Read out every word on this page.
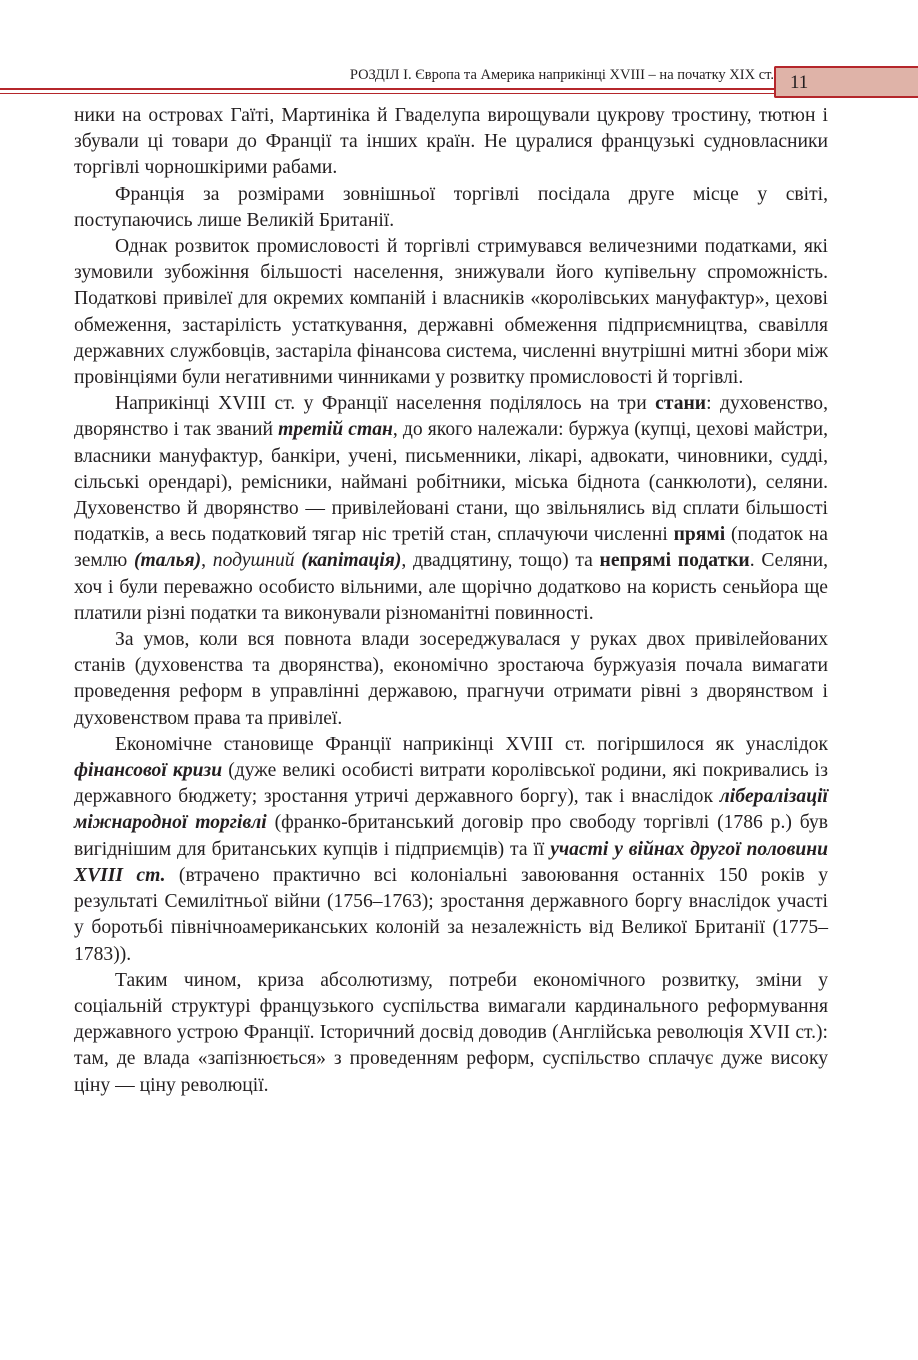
РОЗДІЛ І. Європа та Америка наприкінці XVIII – на початку XIX ст. 11

ники на островах Гаїті, Мартиніка й Гваделупа вирощували цукрову тростину, тютюн і збували ці товари до Франції та інших країн. Не цуралися французькі судновласники торгівлі чорношкірими рабами.

Франція за розмірами зовнішньої торгівлі посідала друге місце у світі, поступаючись лише Великій Британії.

Однак розвиток промисловості й торгівлі стримувався величезними податками, які зумовили зубожіння більшості населення, знижували його купівельну спроможність. Податкові привілеї для окремих компаній і власників «королівських мануфактур», цехові обмеження, застарілість устаткування, державні обмеження підприємництва, свавілля державних службовців, застаріла фінансова система, численні внутрішні митні збори між провінціями були негативними чинниками у розвитку промисловості й торгівлі.

Наприкінці XVIII ст. у Франції населення поділялось на три стани: духовенство, дворянство і так званий третій стан, до якого належали: буржуа (купці, цехові майстри, власники мануфактур, банкіри, учені, письменники, лікарі, адвокати, чиновники, судді, сільські орендарі), ремісники, наймані робітники, міська біднота (санкюлоти), селяни. Духовенство й дворянство — привілейовані стани, що звільнялись від сплати більшості податків, а весь податковий тягар ніс третій стан, сплачуючи численні прямі (податок на землю (талья), подушний (капітація), двадцятину, тощо) та непрямі податки. Селяни, хоч і були переважно особисто вільними, але щорічно додатково на користь сеньйора ще платили різні податки та виконували різноманітні повинності.

За умов, коли вся повнота влади зосереджувалася у руках двох привілейованих станів (духовенства та дворянства), економічно зростаюча буржуазія почала вимагати проведення реформ в управлінні державою, прагнучи отримати рівні з дворянством і духовенством права та привілеї.

Економічне становище Франції наприкінці XVIII ст. погіршилося як унаслідок фінансової кризи (дуже великі особисті витрати королівської родини, які покривались із державного бюджету; зростання утричі державного боргу), так і внаслідок лібералізації міжнародної торгівлі (франко-британський договір про свободу торгівлі (1786 р.) був вигіднішим для британських купців і підприємців) та її участі у війнах другої половини XVIII ст. (втрачено практично всі колоніальні завоювання останніх 150 років у результаті Семилітньої війни (1756–1763); зростання державного боргу внаслідок участі у боротьбі північноамериканських колоній за незалежність від Великої Британії (1775–1783)).

Таким чином, криза абсолютизму, потреби економічного розвитку, зміни у соціальній структурі французького суспільства вимагали кардинального реформування державного устрою Франції. Історичний досвід доводив (Англійська революція XVII ст.): там, де влада «запізнюється» з проведенням реформ, суспільство сплачує дуже високу ціну — ціну революції.
